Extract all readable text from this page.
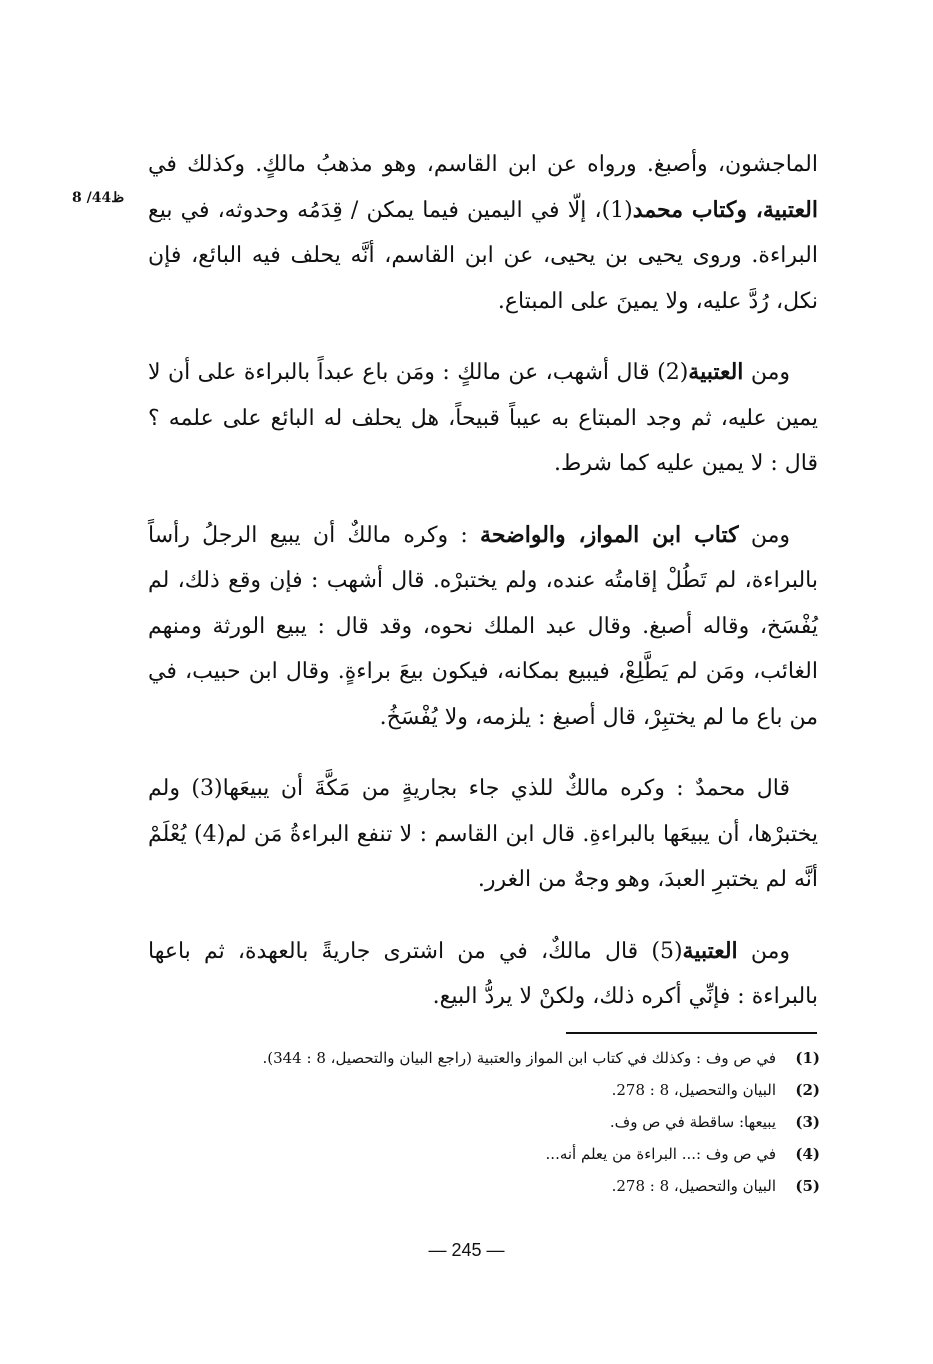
8 /44ظ

الماجشون، وأصبغ. ورواه عن ابن القاسم، وهو مذهبُ مالكٍ. وكذلك في العتبية، وكتاب محمد(1)، إلّا في اليمين فيما يمكن / قِدَمُه وحدوثه، في بيع البراءة. وروى يحيى بن يحيى، عن ابن القاسم، أنَّه يحلف فيه البائع، فإن نكل، رُدَّ عليه، ولا يمينَ على المبتاع.

ومن العتبية(2) قال أشهب، عن مالكٍ : ومَن باع عبداً بالبراءة على أن لا يمين عليه، ثم وجد المبتاع به عيباً قبيحاً، هل يحلف له البائع على علمه ؟ قال : لا يمين عليه كما شرط.

ومن كتاب ابن المواز، والواضحة : وكره مالكٌ أن يبيع الرجلُ رأساً بالبراءة، لم تَطُلْ إقامتُه عنده، ولم يختبرْه. قال أشهب : فإن وقع ذلك، لم يُفْسَخ، وقاله أصبغ. وقال عبد الملك نحوه، وقد قال : يبيع الورثة ومنهم الغائب، ومَن لم يَطَّلِعْ، فيبيع بمكانه، فيكون بيعَ براءةٍ. وقال ابن حبيب، في من باع ما لم يختبِرْ، قال أصبغ : يلزمه، ولا يُفْسَخُ.

قال محمدٌ : وكره مالكٌ للذي جاء بجاريةٍ من مَكَّةَ أن يبيعَها(3) ولم يختبرْها، أن يبيعَها بالبراءةِ. قال ابن القاسم : لا تنفع البراءةُ مَن لم(4) يُعْلَمْ أنَّه لم يختبرِ العبدَ، وهو وجهٌ من الغرر.

ومن العتبية(5) قال مالكٌ، في من اشترى جاريةً بالعهدة، ثم باعها بالبراءة : فإنِّي أكره ذلك، ولكنْ لا يردُّ البيع.

(1)
في ص وف : وكذلك في كتاب ابن المواز والعتبية (راجع البيان والتحصيل، 8 : 344).
(2)
البيان والتحصيل، 8 : 278.
(3)
يبيعها: ساقطة في ص وف.
(4)
في ص وف :... البراءة من يعلم أنه...
(5)
البيان والتحصيل، 8 : 278.
— 245 —
